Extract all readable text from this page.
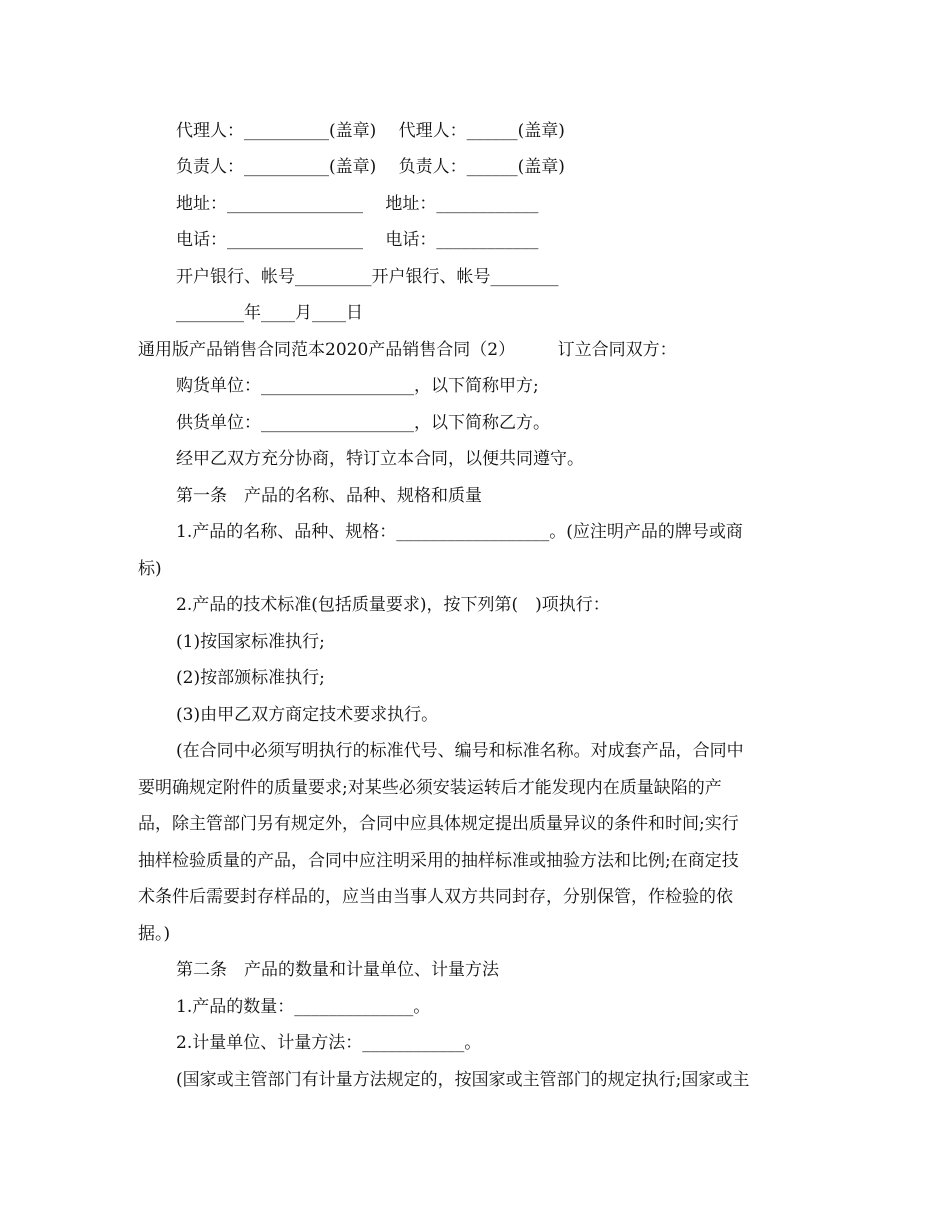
代理人：__________(盖章)　 代理人：______(盖章)
负责人：__________(盖章)　 负责人：______(盖章)
地址：________________　 地址：____________
电话：________________　 电话：____________
开户银行、帐号_________开户银行、帐号________
________年____月____日
通用版产品销售合同范本2020产品销售合同（2）　　　订立合同双方：
购货单位：__________________，以下简称甲方;
供货单位：__________________，以下简称乙方。
经甲乙双方充分协商，特订立本合同，以便共同遵守。
第一条　产品的名称、品种、规格和质量
1.产品的名称、品种、规格：__________________。(应注明产品的牌号或商
标)
2.产品的技术标准(包括质量要求)，按下列第(　)项执行：
(1)按国家标准执行;
(2)按部颁标准执行;
(3)由甲乙双方商定技术要求执行。
(在合同中必须写明执行的标准代号、编号和标准名称。对成套产品，合同中
要明确规定附件的质量要求;对某些必须安装运转后才能发现内在质量缺陷的产
品，除主管部门另有规定外，合同中应具体规定提出质量异议的条件和时间;实行
抽样检验质量的产品，合同中应注明采用的抽样标准或抽验方法和比例;在商定技
术条件后需要封存样品的，应当由当事人双方共同封存，分别保管，作检验的依
据。)
第二条　产品的数量和计量单位、计量方法
1.产品的数量：______________。
2.计量单位、计量方法：____________。
(国家或主管部门有计量方法规定的，按国家或主管部门的规定执行;国家或主
